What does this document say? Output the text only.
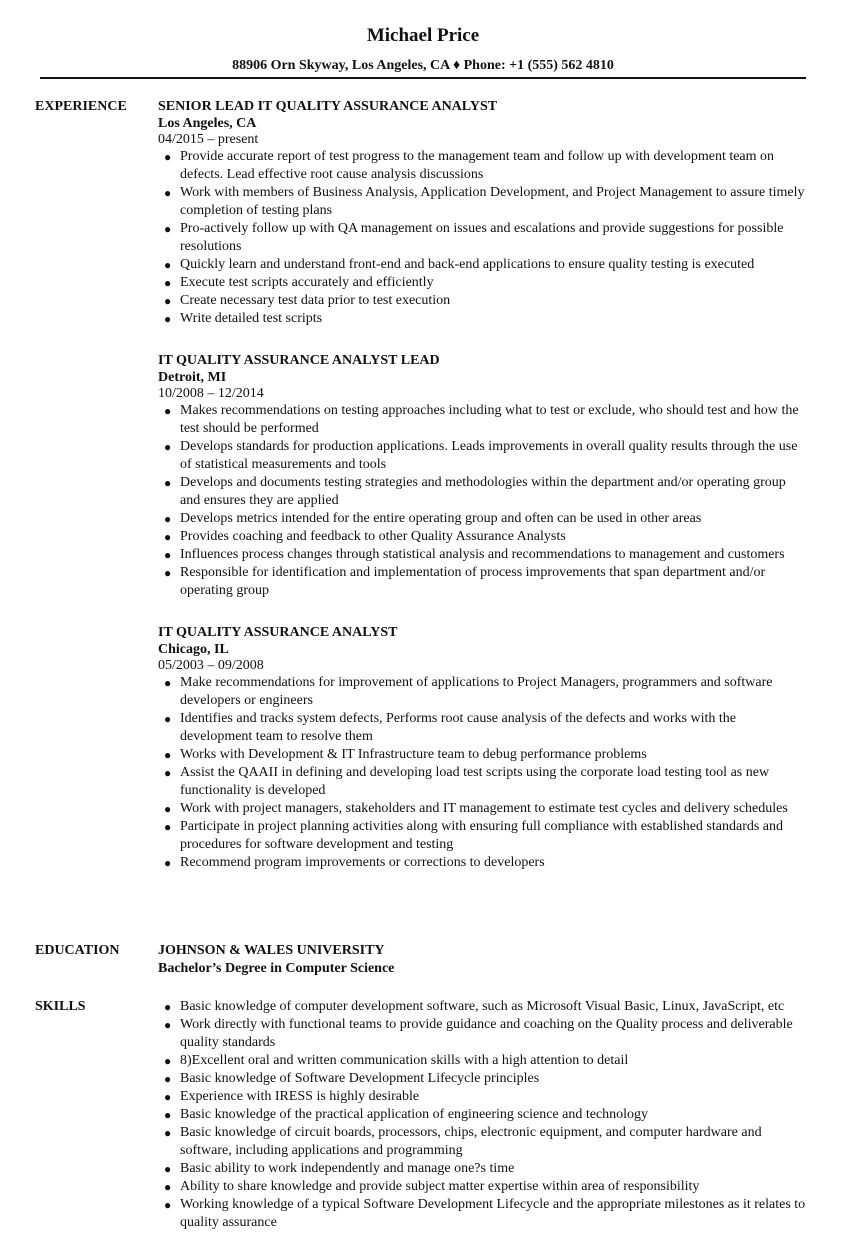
Michael Price
88906 Orn Skyway, Los Angeles, CA ♦ Phone: +1 (555) 562 4810
EXPERIENCE	SENIOR LEAD IT QUALITY ASSURANCE ANALYST
Los Angeles, CA
04/2015 – present
● Provide accurate report of test progress to the management team and follow up with development team on defects. Lead effective root cause analysis discussions
● Work with members of Business Analysis, Application Development, and Project Management to assure timely completion of testing plans
● Pro-actively follow up with QA management on issues and escalations and provide suggestions for possible resolutions
● Quickly learn and understand front-end and back-end applications to ensure quality testing is executed
● Execute test scripts accurately and efficiently
● Create necessary test data prior to test execution
● Write detailed test scripts
IT QUALITY ASSURANCE ANALYST LEAD
Detroit, MI
10/2008 – 12/2014
● Makes recommendations on testing approaches including what to test or exclude, who should test and how the test should be performed
● Develops standards for production applications. Leads improvements in overall quality results through the use of statistical measurements and tools
● Develops and documents testing strategies and methodologies within the department and/or operating group and ensures they are applied
● Develops metrics intended for the entire operating group and often can be used in other areas
● Provides coaching and feedback to other Quality Assurance Analysts
● Influences process changes through statistical analysis and recommendations to management and customers
● Responsible for identification and implementation of process improvements that span department and/or operating group
IT QUALITY ASSURANCE ANALYST
Chicago, IL
05/2003 – 09/2008
● Make recommendations for improvement of applications to Project Managers, programmers and software developers or engineers
● Identifies and tracks system defects, Performs root cause analysis of the defects and works with the development team to resolve them
● Works with Development & IT Infrastructure team to debug performance problems
● Assist the QAAII in defining and developing load test scripts using the corporate load testing tool as new functionality is developed
● Work with project managers, stakeholders and IT management to estimate test cycles and delivery schedules
● Participate in project planning activities along with ensuring full compliance with established standards and procedures for software development and testing
● Recommend program improvements or corrections to developers
EDUCATION	JOHNSON & WALES UNIVERSITY
Bachelor’s Degree in Computer Science
SKILLS	● Basic knowledge of computer development software, such as Microsoft Visual Basic, Linux, JavaScript, etc
● Work directly with functional teams to provide guidance and coaching on the Quality process and deliverable quality standards
● 8)Excellent oral and written communication skills with a high attention to detail
● Basic knowledge of Software Development Lifecycle principles
● Experience with IRESS is highly desirable
● Basic knowledge of the practical application of engineering science and technology
● Basic knowledge of circuit boards, processors, chips, electronic equipment, and computer hardware and software, including applications and programming
● Basic ability to work independently and manage one?s time
● Ability to share knowledge and provide subject matter expertise within area of responsibility
● Working knowledge of a typical Software Development Lifecycle and the appropriate milestones as it relates to quality assurance
